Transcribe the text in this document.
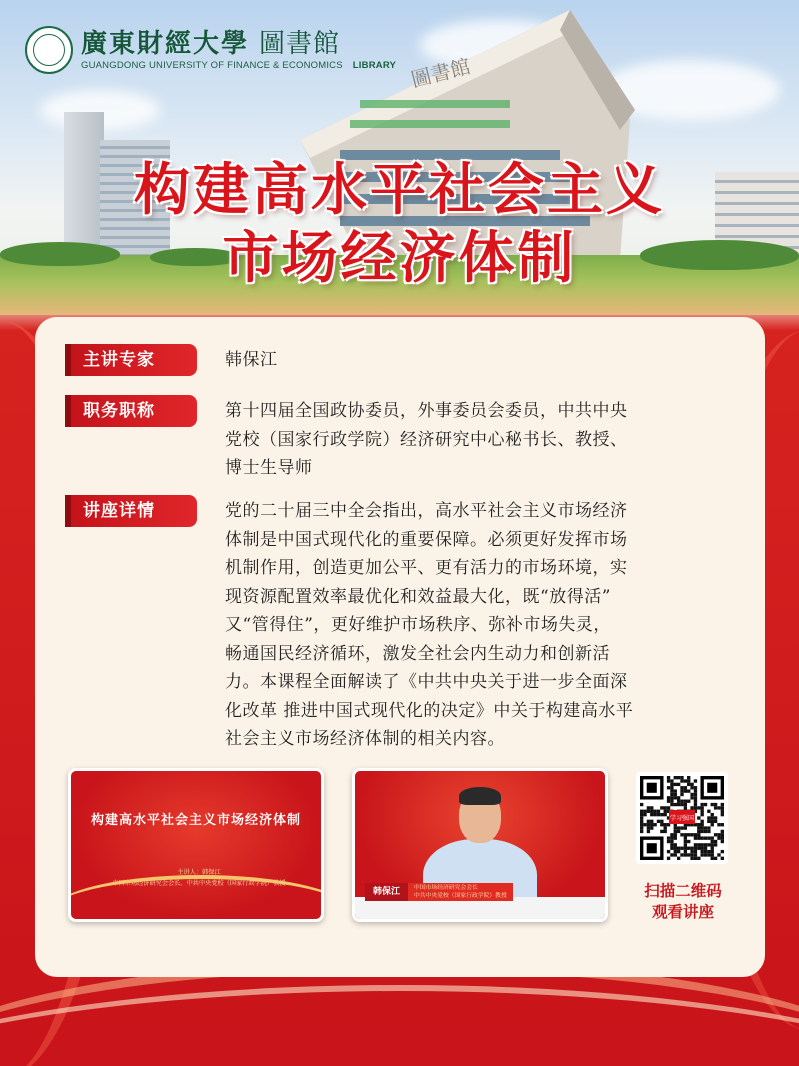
圖書館
廣東財經大學 圖書館
GUANGDONG UNIVERSITY OF FINANCE & ECONOMICS LIBRARY
构建高水平社会主义
市场经济体制
主讲专家	韩保江
职务职称	第十四届全国政协委员，外事委员会委员，中共中央
党校（国家行政学院）经济研究中心秘书长、教授、
博士生导师
讲座详情	党的二十届三中全会指出，高水平社会主义市场经济
体制是中国式现代化的重要保障。必须更好发挥市场
机制作用，创造更加公平、更有活力的市场环境，实
现资源配置效率最优化和效益最大化，既“放得活”
又“管得住”，更好维护市场秩序、弥补市场失灵，
畅通国民经济循环，激发全社会内生动力和创新活
力。本课程全面解读了《中共中央关于进一步全面深
化改革 推进中国式现代化的决定》中关于构建高水平
社会主义市场经济体制的相关内容。
构建高水平社会主义市场经济体制
主讲人：韩保江
中国市场经济研究会会长、中共中央党校（国家行政学院）教授
韩保江	中国市场经济研究会会长
中共中央党校（国家行政学院）教授
学习强国
扫描二维码
观看讲座
